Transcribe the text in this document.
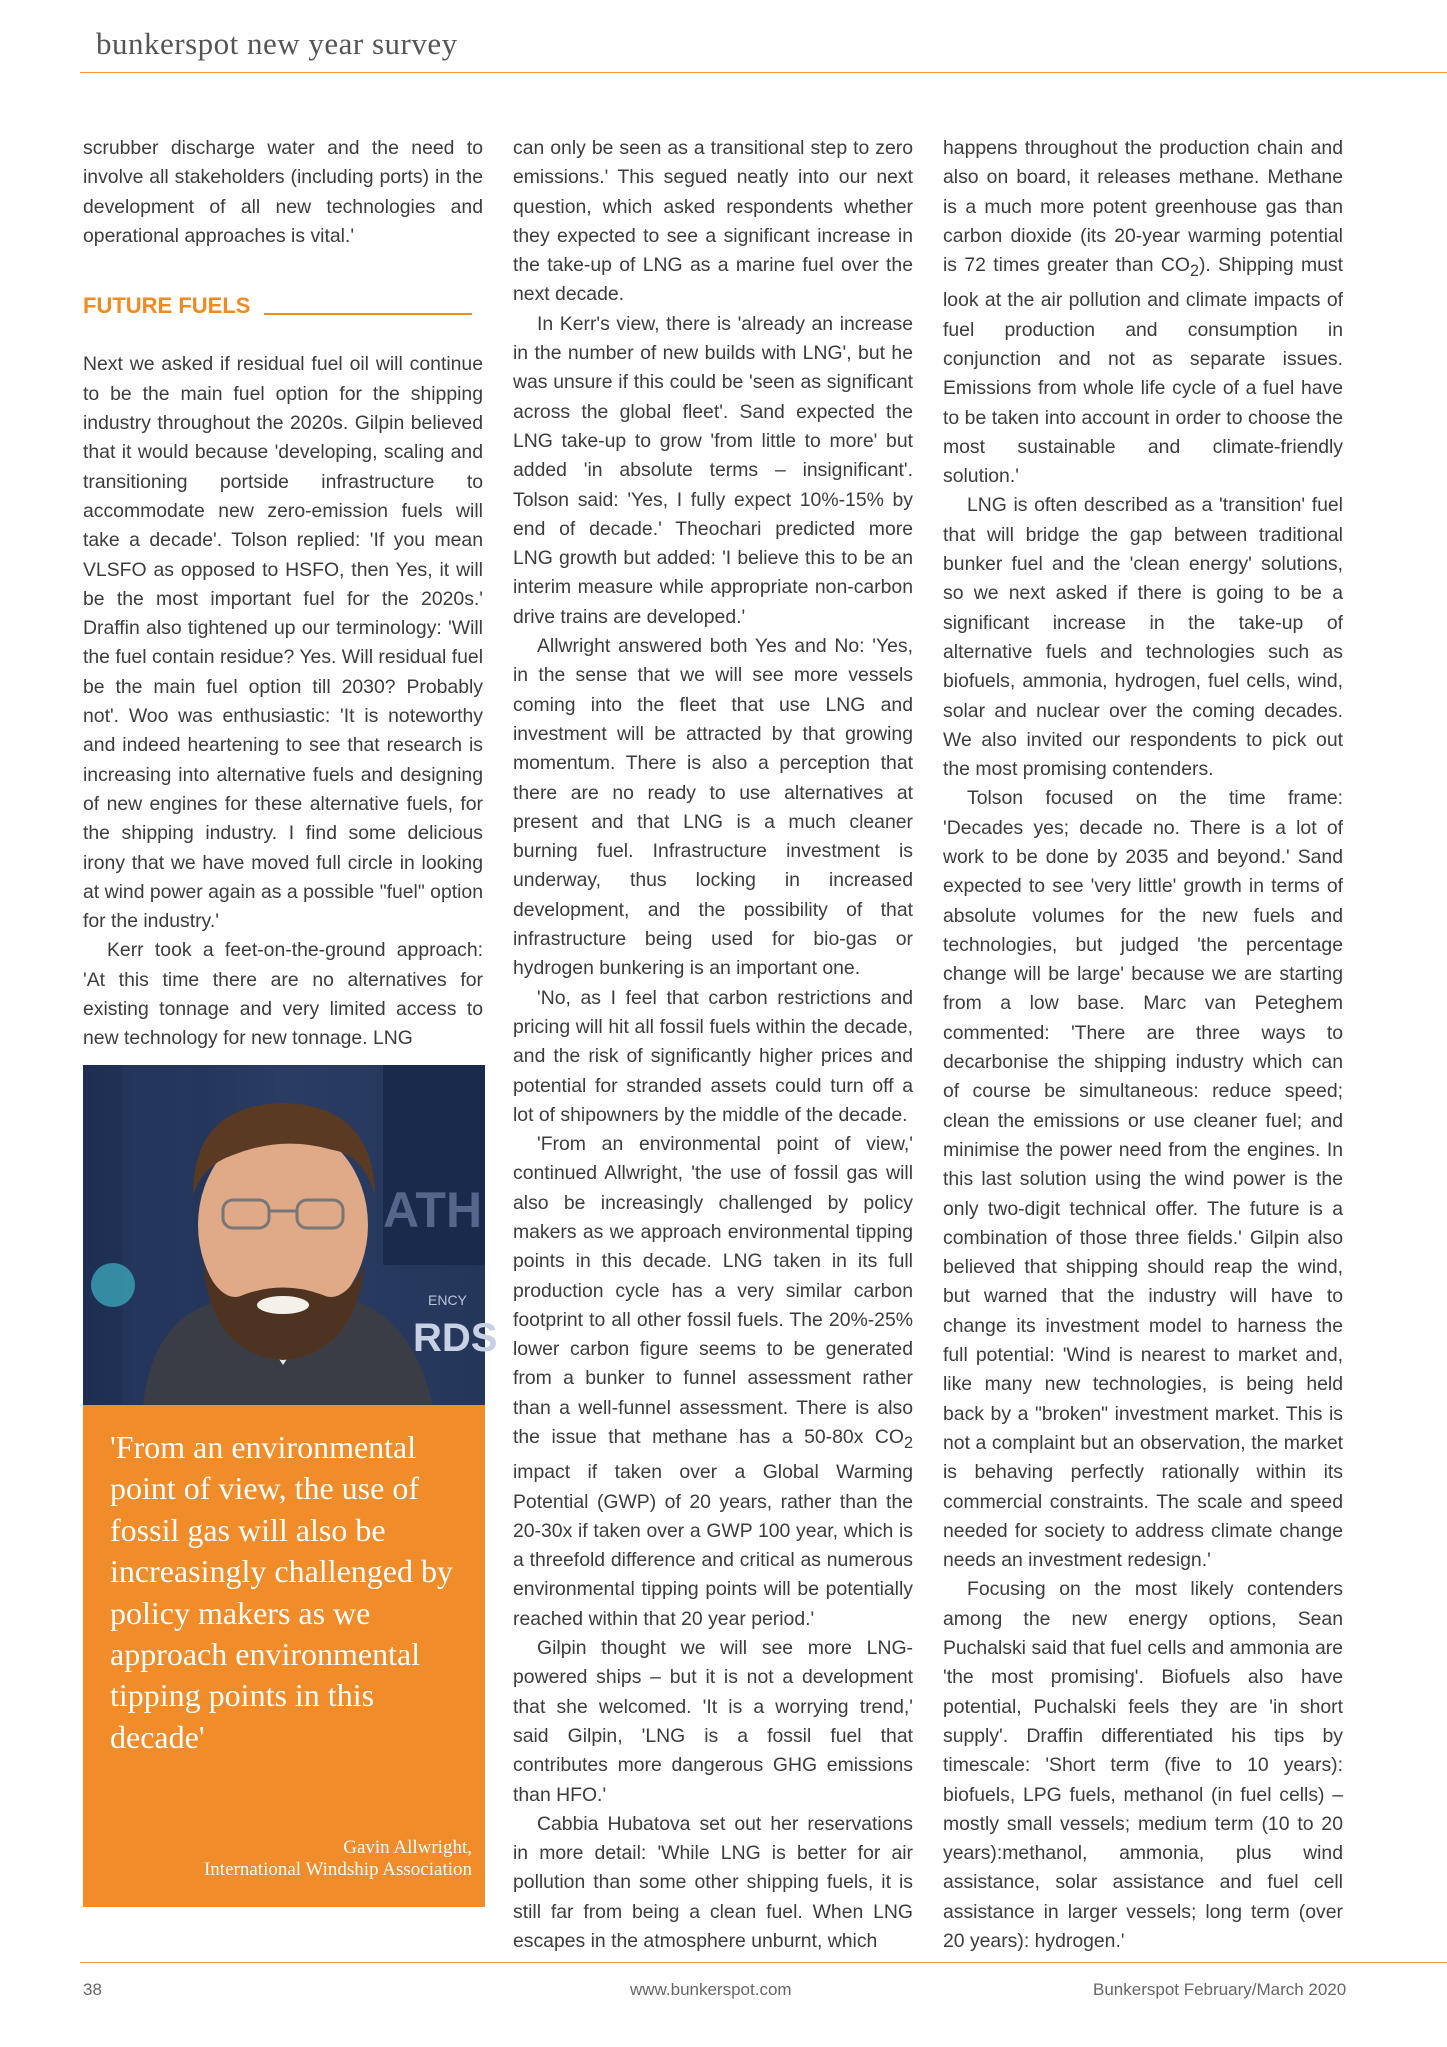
bunkerspot new year survey

scrubber discharge water and the need to involve all stakeholders (including ports) in the development of all new technologies and operational approaches is vital.'

FUTURE FUELS

Next we asked if residual fuel oil will continue to be the main fuel option for the shipping industry throughout the 2020s. Gilpin believed that it would because 'developing, scaling and transitioning portside infrastructure to accommodate new zero-emission fuels will take a decade'. Tolson replied: 'If you mean VLSFO as opposed to HSFO, then Yes, it will be the most important fuel for the 2020s.' Draffin also tightened up our terminology: 'Will the fuel contain residue? Yes. Will residual fuel be the main fuel option till 2030? Probably not'. Woo was enthusiastic: 'It is noteworthy and indeed heartening to see that research is increasing into alternative fuels and designing of new engines for these alternative fuels, for the shipping industry. I find some delicious irony that we have moved full circle in looking at wind power again as a possible "fuel" option for the industry.'

Kerr took a feet-on-the-ground approach: 'At this time there are no alternatives for existing tonnage and very limited access to new technology for new tonnage. LNG

ATH
ENCY
RDS
'From an environmental point of view, the use of fossil gas will also be increasingly challenged by policy makers as we approach environmental tipping points in this decade'
Gavin Allwright,
International Windship Association

can only be seen as a transitional step to zero emissions.' This segued neatly into our next question, which asked respondents whether they expected to see a significant increase in the take-up of LNG as a marine fuel over the next decade.

In Kerr's view, there is 'already an increase in the number of new builds with LNG', but he was unsure if this could be 'seen as significant across the global fleet'. Sand expected the LNG take-up to grow 'from little to more' but added 'in absolute terms – insignificant'. Tolson said: 'Yes, I fully expect 10%-15% by end of decade.' Theochari predicted more LNG growth but added: 'I believe this to be an interim measure while appropriate non-carbon drive trains are developed.'

Allwright answered both Yes and No: 'Yes, in the sense that we will see more vessels coming into the fleet that use LNG and investment will be attracted by that growing momentum. There is also a perception that there are no ready to use alternatives at present and that LNG is a much cleaner burning fuel. Infrastructure investment is underway, thus locking in increased development, and the possibility of that infrastructure being used for bio-gas or hydrogen bunkering is an important one.

'No, as I feel that carbon restrictions and pricing will hit all fossil fuels within the decade, and the risk of significantly higher prices and potential for stranded assets could turn off a lot of shipowners by the middle of the decade.

'From an environmental point of view,' continued Allwright, 'the use of fossil gas will also be increasingly challenged by policy makers as we approach environmental tipping points in this decade. LNG taken in its full production cycle has a very similar carbon footprint to all other fossil fuels. The 20%-25% lower carbon figure seems to be generated from a bunker to funnel assessment rather than a well-funnel assessment. There is also the issue that methane has a 50-80x $CO_2$ impact if taken over a Global Warming Potential (GWP) of 20 years, rather than the 20-30x if taken over a GWP 100 year, which is a threefold difference and critical as numerous environmental tipping points will be potentially reached within that 20 year period.'

Gilpin thought we will see more LNG-powered ships – but it is not a development that she welcomed. 'It is a worrying trend,' said Gilpin, 'LNG is a fossil fuel that contributes more dangerous GHG emissions than HFO.'

Cabbia Hubatova set out her reservations in more detail: 'While LNG is better for air pollution than some other shipping fuels, it is still far from being a clean fuel. When LNG escapes in the atmosphere unburnt, which

happens throughout the production chain and also on board, it releases methane. Methane is a much more potent greenhouse gas than carbon dioxide (its 20-year warming potential is 72 times greater than $CO_2$). Shipping must look at the air pollution and climate impacts of fuel production and consumption in conjunction and not as separate issues. Emissions from whole life cycle of a fuel have to be taken into account in order to choose the most sustainable and climate-friendly solution.'

LNG is often described as a 'transition' fuel that will bridge the gap between traditional bunker fuel and the 'clean energy' solutions, so we next asked if there is going to be a significant increase in the take-up of alternative fuels and technologies such as biofuels, ammonia, hydrogen, fuel cells, wind, solar and nuclear over the coming decades. We also invited our respondents to pick out the most promising contenders.

Tolson focused on the time frame: 'Decades yes; decade no. There is a lot of work to be done by 2035 and beyond.' Sand expected to see 'very little' growth in terms of absolute volumes for the new fuels and technologies, but judged 'the percentage change will be large' because we are starting from a low base. Marc van Peteghem commented: 'There are three ways to decarbonise the shipping industry which can of course be simultaneous: reduce speed; clean the emissions or use cleaner fuel; and minimise the power need from the engines. In this last solution using the wind power is the only two-digit technical offer. The future is a combination of those three fields.' Gilpin also believed that shipping should reap the wind, but warned that the industry will have to change its investment model to harness the full potential: 'Wind is nearest to market and, like many new technologies, is being held back by a "broken" investment market. This is not a complaint but an observation, the market is behaving perfectly rationally within its commercial constraints. The scale and speed needed for society to address climate change needs an investment redesign.'

Focusing on the most likely contenders among the new energy options, Sean Puchalski said that fuel cells and ammonia are 'the most promising'. Biofuels also have potential, Puchalski feels they are 'in short supply'. Draffin differentiated his tips by timescale: 'Short term (five to 10 years): biofuels, LPG fuels, methanol (in fuel cells) – mostly small vessels; medium term (10 to 20 years):methanol, ammonia, plus wind assistance, solar assistance and fuel cell assistance in larger vessels; long term (over 20 years): hydrogen.'

38	www.bunkerspot.com	Bunkerspot February/March 2020
